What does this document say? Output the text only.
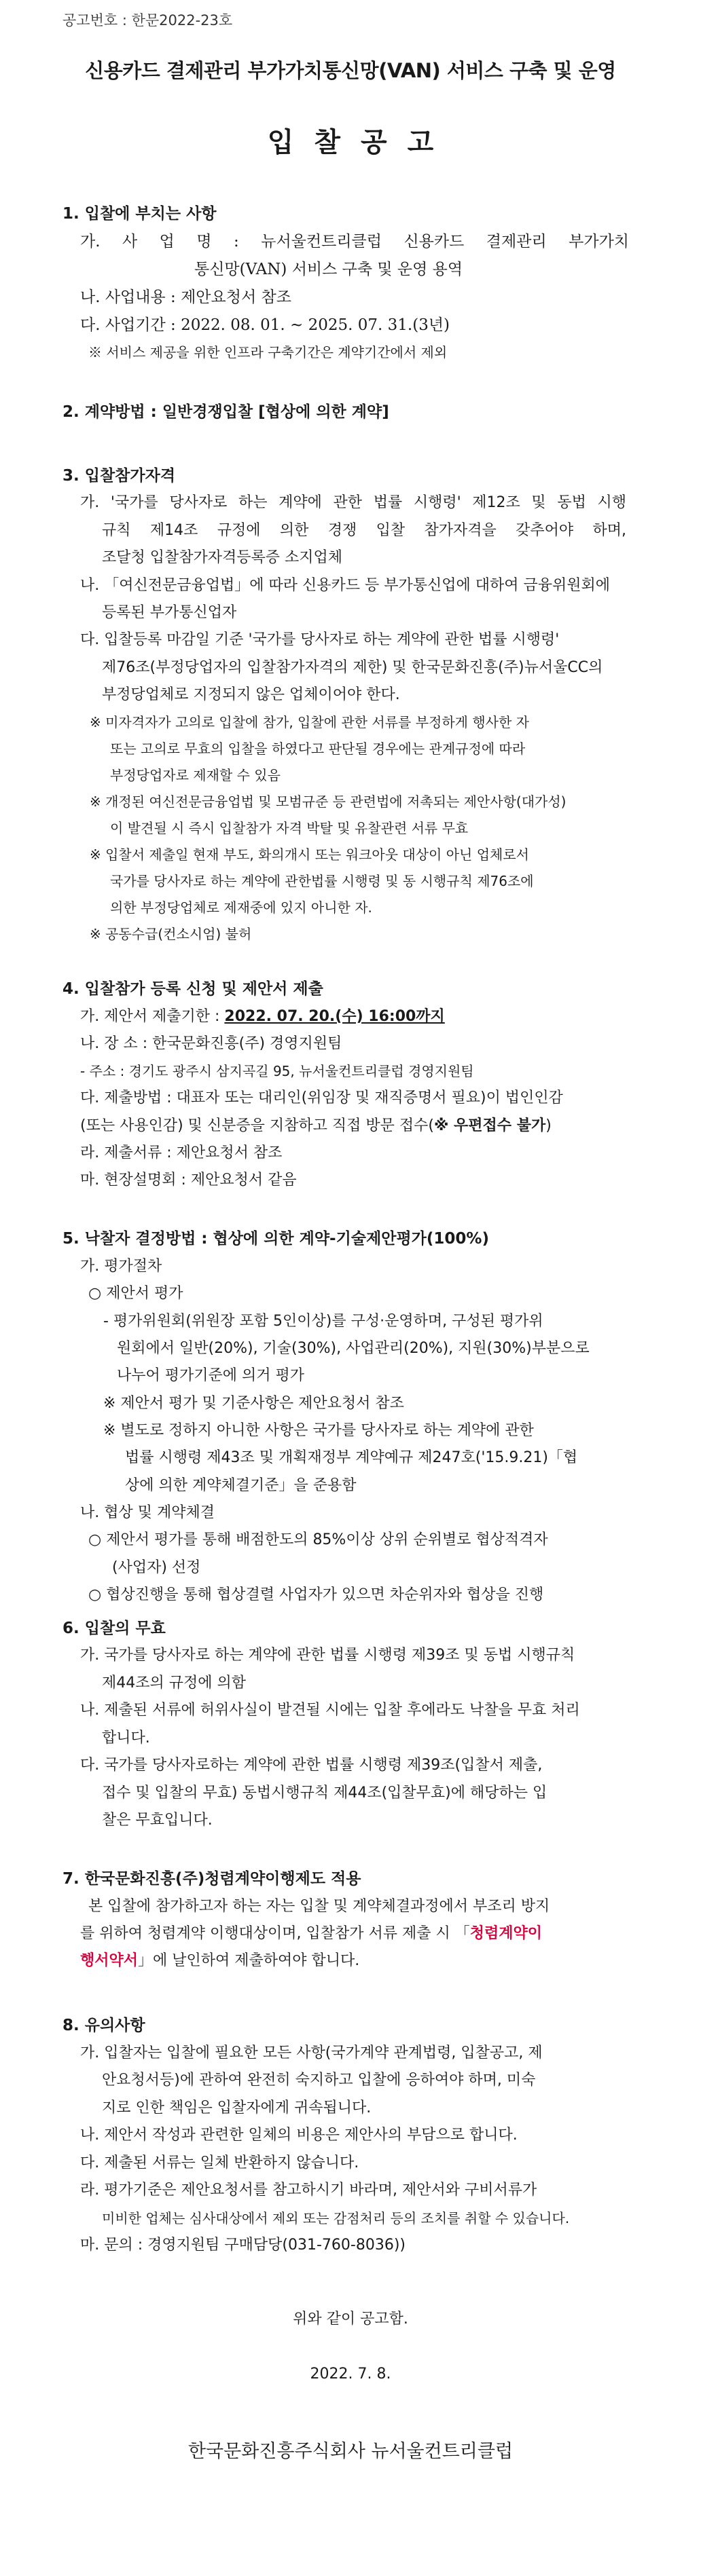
공고번호 : 한문2022-23호
신용카드 결제관리 부가가치통신망(VAN) 서비스 구축 및 운영
입찰공고
1. 입찰에 부치는 사항
가. 사 업 명 : 뉴서울컨트리클럽 신용카드 결제관리 부가가치
통신망(VAN) 서비스 구축 및 운영 용역
나. 사업내용 : 제안요청서 참조
다. 사업기간 : 2022. 08. 01. ~ 2025. 07. 31.(3년)
※ 서비스 제공을 위한 인프라 구축기간은 계약기간에서 제외
2. 계약방법 : 일반경쟁입찰 [협상에 의한 계약]
3. 입찰참가자격
가. '국가를 당사자로 하는 계약에 관한 법률 시행령' 제12조 및 동법 시행
규칙 제14조 규정에 의한 경쟁 입찰 참가자격을 갖추어야 하며,
조달청 입찰참가자격등록증 소지업체
나. 「여신전문금융업법」에 따라 신용카드 등 부가통신업에 대하여 금융위원회에
등록된 부가통신업자
다. 입찰등록 마감일 기준 '국가를 당사자로 하는 계약에 관한 법률 시행령'
제76조(부정당업자의 입찰참가자격의 제한) 및 한국문화진흥(주)뉴서울CC의
부정당업체로 지정되지 않은 업체이어야 한다.
※ 미자격자가 고의로 입찰에 참가, 입찰에 관한 서류를 부정하게 행사한 자
또는 고의로 무효의 입찰을 하였다고 판단될 경우에는 관계규정에 따라
부정당업자로 제재할 수 있음
※ 개정된 여신전문금융업법 및 모범규준 등 관련법에 저촉되는 제안사항(대가성)
이 발견될 시 즉시 입찰참가 자격 박탈 및 유찰관련 서류 무효
※ 입찰서 제출일 현재 부도, 화의개시 또는 워크아웃 대상이 아닌 업체로서
국가를 당사자로 하는 계약에 관한법률 시행령 및 동 시행규칙 제76조에
의한 부정당업체로 제재중에 있지 아니한 자.
※ 공동수급(컨소시엄) 불허
4. 입찰참가 등록 신청 및 제안서 제출
가. 제안서 제출기한 : 2022. 07. 20.(수) 16:00까지
나. 장 소 : 한국문화진흥(주) 경영지원팀
- 주소 : 경기도 광주시 삼지곡길 95, 뉴서울컨트리클럽 경영지원팀
다. 제출방법 : 대표자 또는 대리인(위임장 및 재직증명서 필요)이 법인인감
(또는 사용인감) 및 신분증을 지참하고 직접 방문 접수(※ 우편접수 불가)
라. 제출서류 : 제안요청서 참조
마. 현장설명회 : 제안요청서 같음
5. 낙찰자 결정방법 : 협상에 의한 계약-기술제안평가(100%)
가. 평가절차
○ 제안서 평가
- 평가위원회(위원장 포함 5인이상)를 구성·운영하며, 구성된 평가위
원회에서 일반(20%), 기술(30%), 사업관리(20%), 지원(30%)부분으로
나누어 평가기준에 의거 평가
※ 제안서 평가 및 기준사항은 제안요청서 참조
※ 별도로 정하지 아니한 사항은 국가를 당사자로 하는 계약에 관한
법률 시행령 제43조 및 개획재정부 계약예규 제247호('15.9.21)「협
상에 의한 계약체결기준」을 준용함
나. 협상 및 계약체결
○ 제안서 평가를 통해 배점한도의 85%이상 상위 순위별로 협상적격자
(사업자) 선정
○ 협상진행을 통해 협상결렬 사업자가 있으면 차순위자와 협상을 진행
6. 입찰의 무효
가. 국가를 당사자로 하는 계약에 관한 법률 시행령 제39조 및 동법 시행규칙
제44조의 규정에 의함
나. 제출된 서류에 허위사실이 발견될 시에는 입찰 후에라도 낙찰을 무효 처리
합니다.
다. 국가를 당사자로하는 계약에 관한 법률 시행령 제39조(입찰서 제출,
접수 및 입찰의 무효) 동법시행규칙 제44조(입찰무효)에 해당하는 입
찰은 무효입니다.
7. 한국문화진흥(주)청렴계약이행제도 적용
본 입찰에 참가하고자 하는 자는 입찰 및 계약체결과정에서 부조리 방지
를 위하여 청렴계약 이행대상이며, 입찰참가 서류 제출 시 「청렴계약이
행서약서」에 날인하여 제출하여야 합니다.
8. 유의사항
가. 입찰자는 입찰에 필요한 모든 사항(국가계약 관계법령, 입찰공고, 제
안요청서등)에 관하여 완전히 숙지하고 입찰에 응하여야 하며, 미숙
지로 인한 책임은 입찰자에게 귀속됩니다.
나. 제안서 작성과 관련한 일체의 비용은 제안사의 부담으로 합니다.
다. 제출된 서류는 일체 반환하지 않습니다.
라. 평가기준은 제안요청서를 참고하시기 바라며, 제안서와 구비서류가
미비한 업체는 심사대상에서 제외 또는 감점처리 등의 조치를 취할 수 있습니다.
마. 문의 : 경영지원팀 구매담당(031-760-8036))
위와 같이 공고함.
2022. 7. 8.
한국문화진흥주식회사 뉴서울컨트리클럽
